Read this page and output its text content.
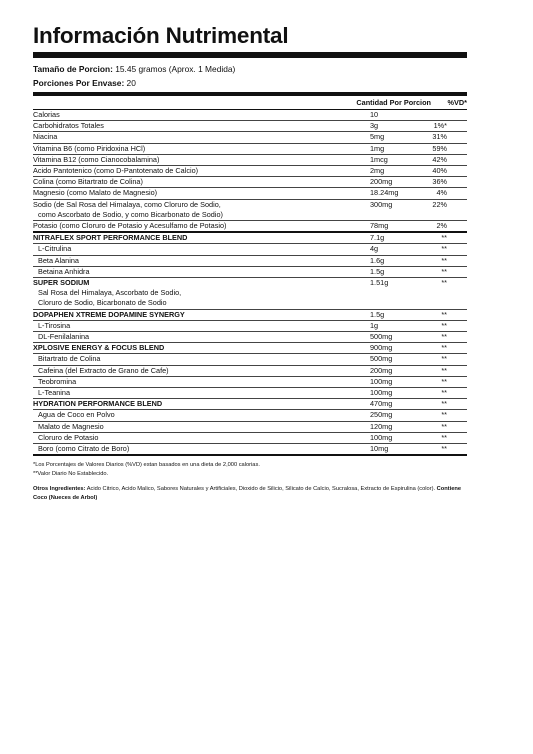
Información Nutrimental
Tamaño de Porcion: 15.45 gramos (Aprox. 1 Medida)
Porciones Por Envase: 20
	Cantidad Por Porcion	%VD*
Calorias	10	
Carbohidratos Totales	3g	1%*
Niacina	5mg	31%
Vitamina B6 (como Piridoxina HCl)	1mg	59%
Vitamina B12 (como Cianocobalamina)	1mcg	42%
Acido Pantotenico (como D-Pantotenato de Calcio)	2mg	40%
Colina (como Bitartrato de Colina)	200mg	36%
Magnesio (como Malato de Magnesio)	18.24mg	4%
Sodio (de Sal Rosa del Himalaya, como Cloruro de Sodio,	300mg	22%
como Ascorbato de Sodio, y como Bicarbonato de Sodio)		
Potasio (como Cloruro de Potasio y Acesulfamo de Potasio)	78mg	2%
NITRAFLEX SPORT PERFORMANCE BLEND	7.1g	**
L-Citrulina	4g	**
Beta Alanina	1.6g	**
Betaina Anhidra	1.5g	**
SUPER SODIUM	1.51g	**
Sal Rosa del Himalaya, Ascorbato de Sodio,		
Cloruro de Sodio, Bicarbonato de Sodio		
DOPAPHEN XTREME DOPAMINE SYNERGY	1.5g	**
L-Tirosina	1g	**
DL-Fenilalanina	500mg	**
XPLOSIVE ENERGY & FOCUS BLEND	900mg	**
Bitartrato de Colina	500mg	**
Cafeina (del Extracto de Grano de Cafe)	200mg	**
Teobromina	100mg	**
L-Teanina	100mg	**
HYDRATION PERFORMANCE BLEND	470mg	**
Agua de Coco en Polvo	250mg	**
Malato de Magnesio	120mg	**
Cloruro de Potasio	100mg	**
Boro (como Citrato de Boro)	10mg	**

*Los Porcentajes de Valores Diarios (%VD) estan basados en una dieta de 2,000 calorias.

**Valor Diario No Establecido.

Otros Ingredientes: Acido Citrico, Acido Malico, Sabores Naturales y Artificiales, Dioxido de Silicio, Silicato de Calcio, Sucralosa, Extracto de Espirulina (color). Contiene Coco (Nueces de Arbol)
